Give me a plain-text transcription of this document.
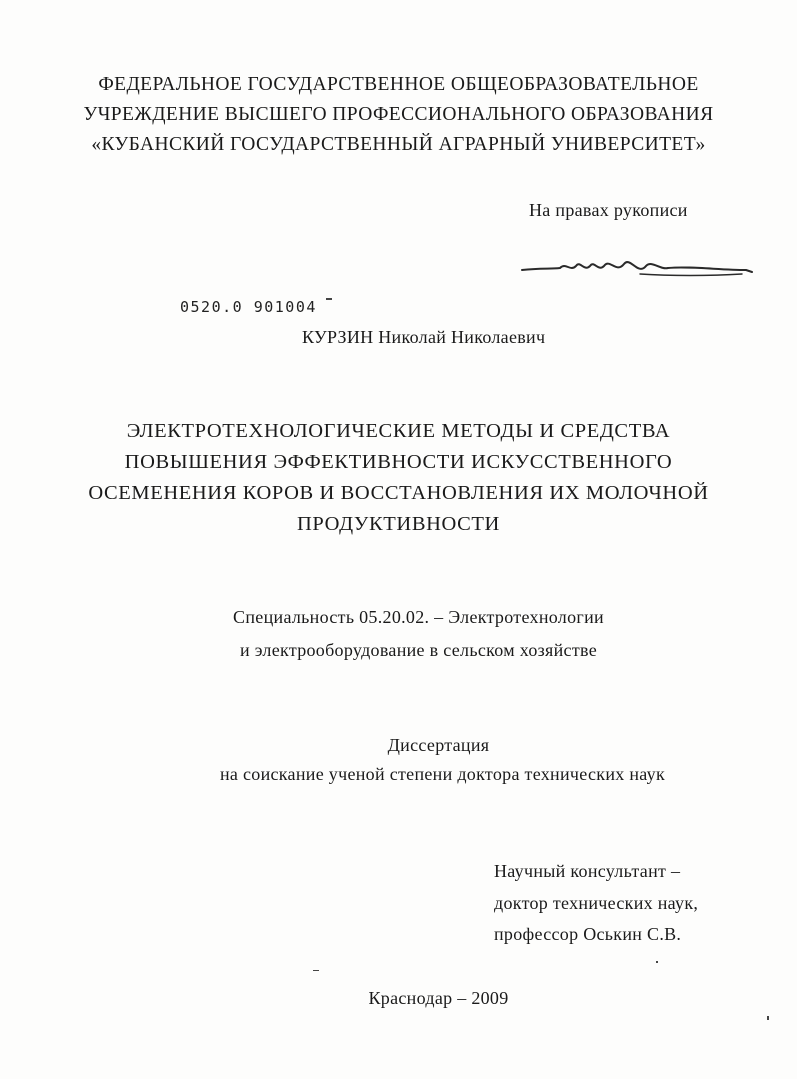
ФЕДЕРАЛЬНОЕ ГОСУДАРСТВЕННОЕ ОБЩЕОБРАЗОВАТЕЛЬНОЕ
УЧРЕЖДЕНИЕ ВЫСШЕГО ПРОФЕССИОНАЛЬНОГО ОБРАЗОВАНИЯ
«КУБАНСКИЙ ГОСУДАРСТВЕННЫЙ АГРАРНЫЙ УНИВЕРСИТЕТ»
На правах рукописи
0520.0 901004
КУРЗИН Николай Николаевич
ЭЛЕКТРОТЕХНОЛОГИЧЕСКИЕ МЕТОДЫ И СРЕДСТВА
ПОВЫШЕНИЯ ЭФФЕКТИВНОСТИ ИСКУССТВЕННОГО
ОСЕМЕНЕНИЯ КОРОВ И ВОССТАНОВЛЕНИЯ ИХ МОЛОЧНОЙ
ПРОДУКТИВНОСТИ
Специальность 05.20.02. – Электротехнологии
и электрооборудование в сельском хозяйстве
Диссертация
на соискание ученой степени доктора технических наук
Научный консультант –
доктор технических наук,
профессор Оськин С.В.
Краснодар – 2009
